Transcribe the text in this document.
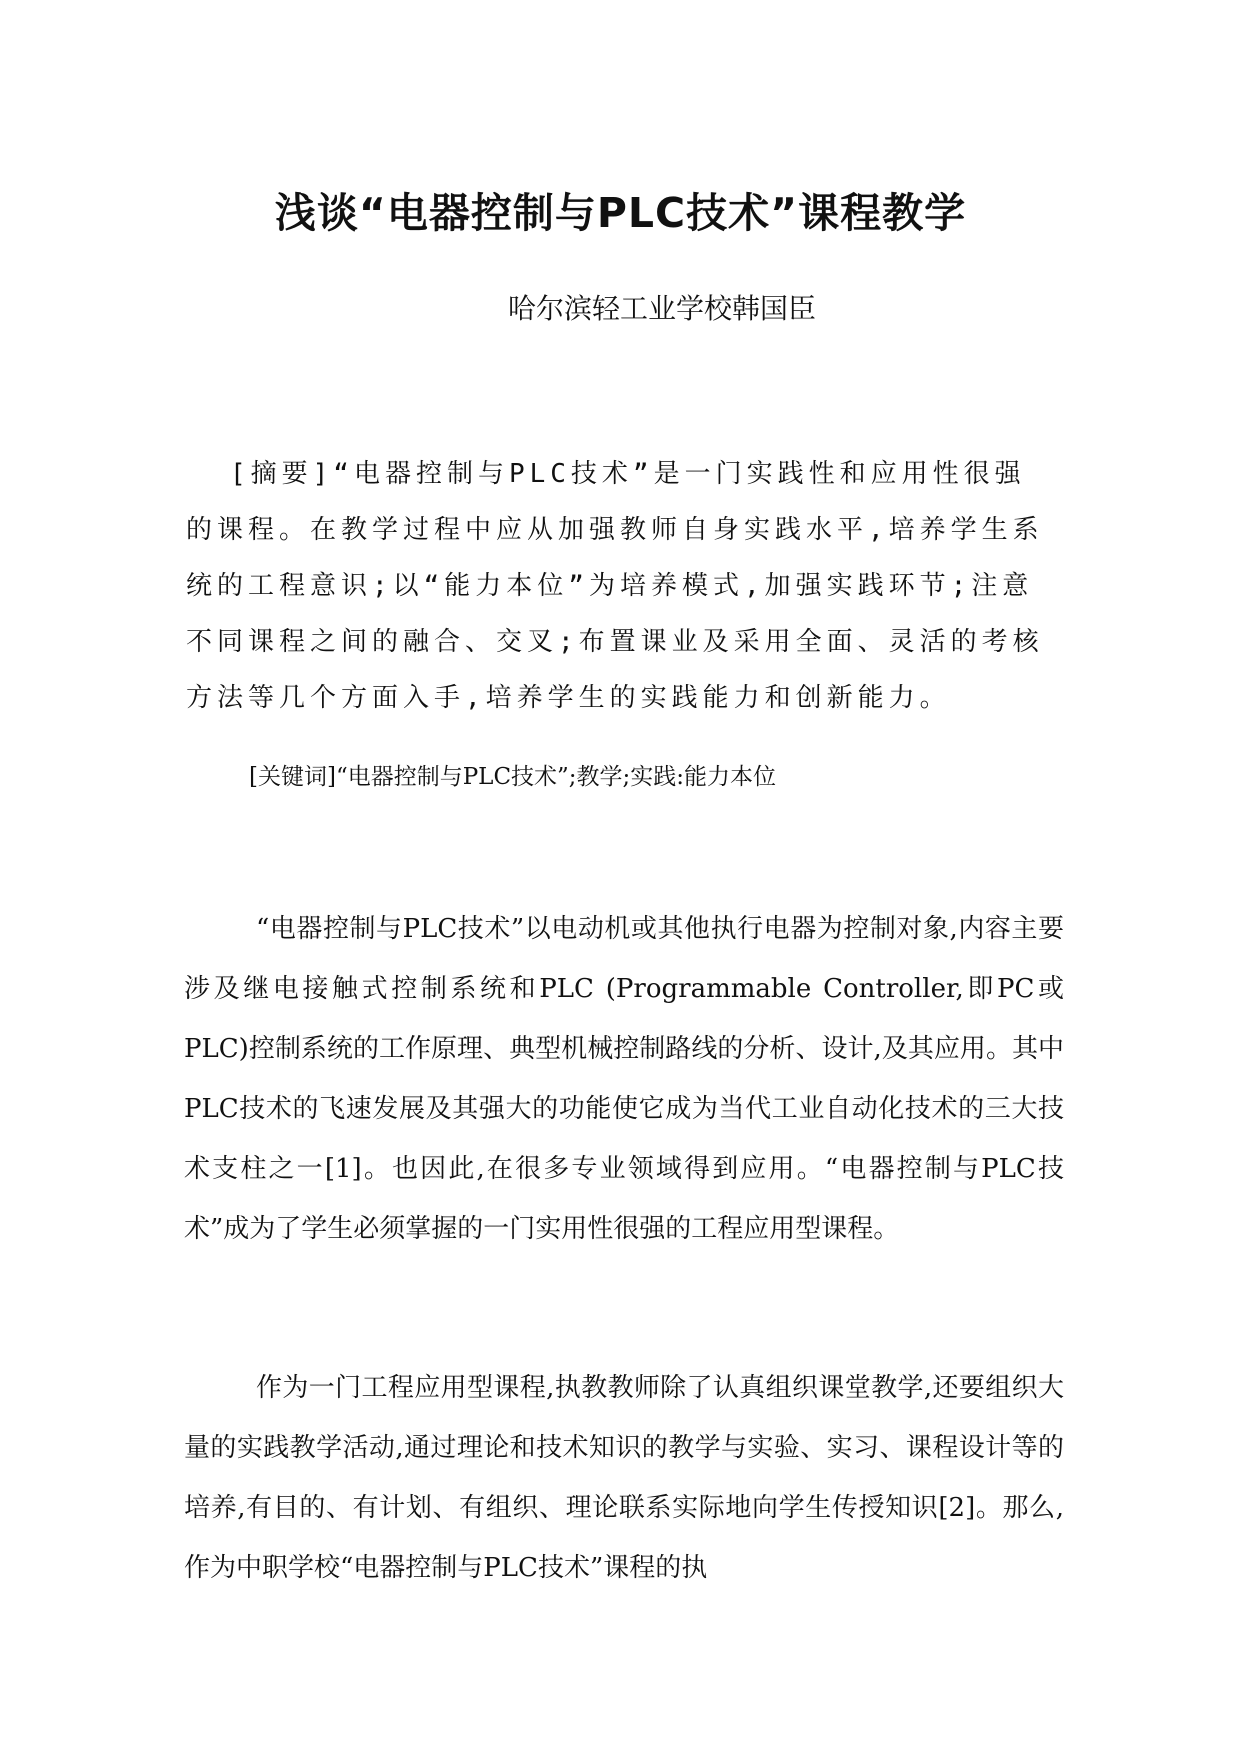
浅谈“电器控制与PLC技术”课程教学

哈尔滨轻工业学校韩国臣

[摘要]“电器控制与PLC技术”是一门实践性和应用性很强的课程。在教学过程中应从加强教师自身实践水平,培养学生系统的工程意识;以“能力本位”为培养模式,加强实践环节;注意不同课程之间的融合、交叉;布置课业及采用全面、灵活的考核方法等几个方面入手,培养学生的实践能力和创新能力。

[关键词]“电器控制与PLC技术”;教学;实践:能力本位

“电器控制与PLC技术”以电动机或其他执行电器为控制对象,内容主要涉及继电接触式控制系统和PLC (Programmable Controller,即PC或PLC)控制系统的工作原理、典型机械控制路线的分析、设计,及其应用。其中PLC技术的飞速发展及其强大的功能使它成为当代工业自动化技术的三大技术支柱之一[1]。也因此,在很多专业领域得到应用。“电器控制与PLC技术”成为了学生必须掌握的一门实用性很强的工程应用型课程。

作为一门工程应用型课程,执教教师除了认真组织课堂教学,还要组织大量的实践教学活动,通过理论和技术知识的教学与实验、实习、课程设计等的培养,有目的、有计划、有组织、理论联系实际地向学生传授知识[2]。那么,作为中职学校“电器控制与PLC技术”课程的执
